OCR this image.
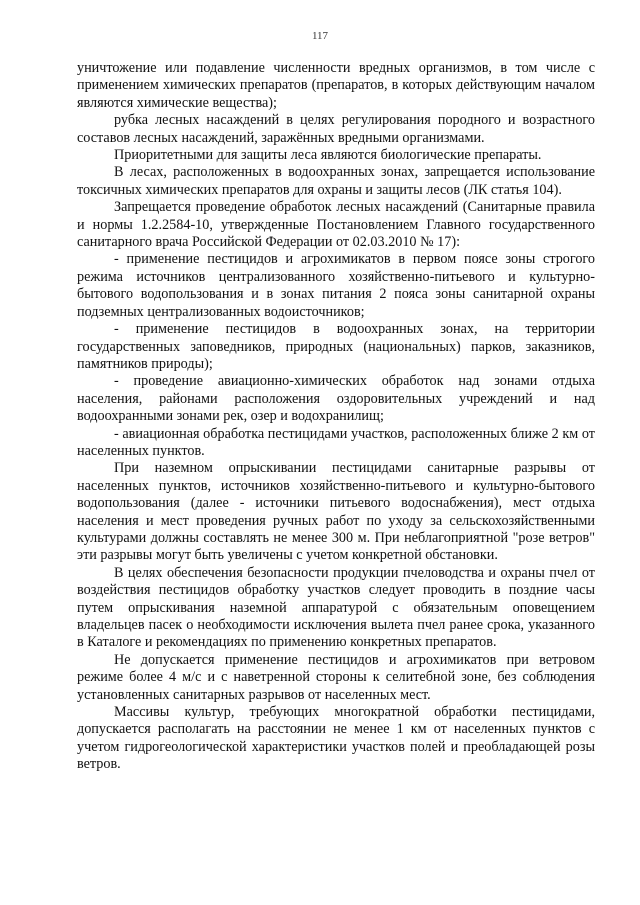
117

уничтожение или подавление численности вредных организмов, в том числе с применением химических препаратов (препаратов, в которых действующим началом являются химические вещества);

рубка лесных насаждений в целях регулирования породного и возрастного составов лесных насаждений, заражённых вредными организмами.

Приоритетными для защиты леса являются биологические препараты.

В лесах, расположенных в водоохранных зонах, запрещается использование токсичных химических препаратов для охраны и защиты лесов (ЛК статья 104).

Запрещается проведение обработок лесных насаждений (Санитарные правила и нормы 1.2.2584-10, утвержденные Постановлением Главного государственного санитарного врача Российской Федерации от 02.03.2010 № 17):

- применение пестицидов и агрохимикатов в первом поясе зоны строгого режима источников централизованного хозяйственно-питьевого и культурно-бытового водопользования и в зонах питания 2 пояса зоны санитарной охраны подземных централизованных водоисточников;

- применение пестицидов в водоохранных зонах, на территории государственных заповедников, природных (национальных) парков, заказников, памятников природы);

- проведение авиационно-химических обработок над зонами отдыха населения, районами расположения оздоровительных учреждений и над водоохранными зонами рек, озер и водохранилищ;

- авиационная обработка пестицидами участков, расположенных ближе 2 км от населенных пунктов.

При наземном опрыскивании пестицидами санитарные разрывы от населенных пунктов, источников хозяйственно-питьевого и культурно-бытового водопользования (далее - источники питьевого водоснабжения), мест отдыха населения и мест проведения ручных работ по уходу за сельскохозяйственными культурами должны составлять не менее 300 м. При неблагоприятной "розе ветров" эти разрывы могут быть увеличены с учетом конкретной обстановки.

В целях обеспечения безопасности продукции пчеловодства и охраны пчел от воздействия пестицидов обработку участков следует проводить в поздние часы путем опрыскивания наземной аппаратурой с обязательным оповещением владельцев пасек о необходимости исключения вылета пчел ранее срока, указанного в Каталоге и рекомендациях по применению конкретных препаратов.

Не допускается применение пестицидов и агрохимикатов при ветровом режиме более 4 м/с и с наветренной стороны к селитебной зоне, без соблюдения установленных санитарных разрывов от населенных мест.

Массивы культур, требующих многократной обработки пестицидами, допускается располагать на расстоянии не менее 1 км от населенных пунктов с учетом гидрогеологической характеристики участков полей и преобладающей розы ветров.
